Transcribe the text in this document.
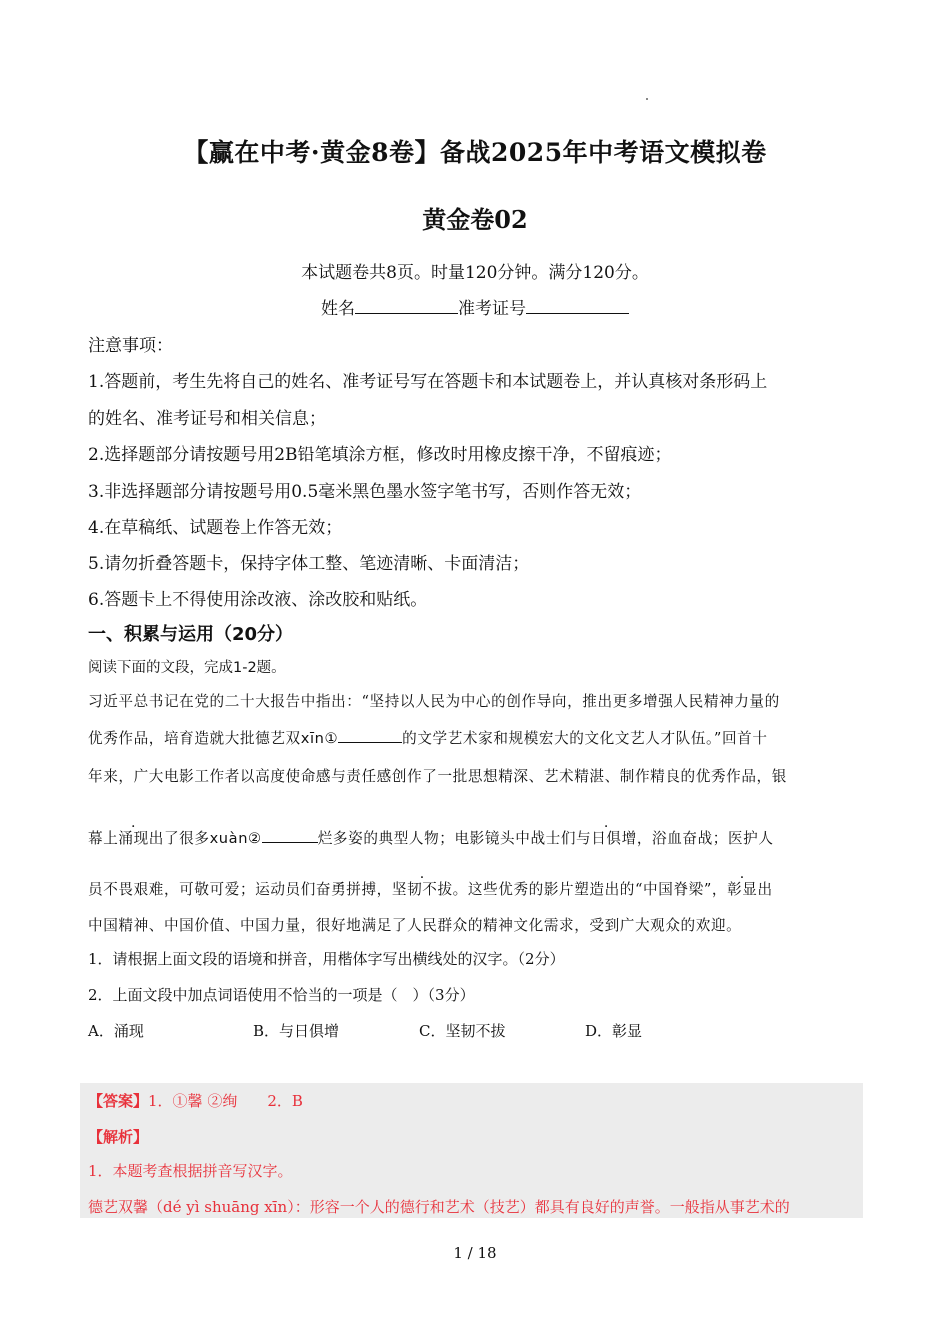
【赢在中考·黄金8卷】备战2025年中考语文模拟卷
黄金卷02
本试题卷共8页。时量120分钟。满分120分。
姓名	准考证号
注意事项：
1.答题前，考生先将自己的姓名、准考证号写在答题卡和本试题卷上，并认真核对条形码上
的姓名、准考证号和相关信息；
2.选择题部分请按题号用2B铅笔填涂方框，修改时用橡皮擦干净，不留痕迹；
3.非选择题部分请按题号用0.5毫米黑色墨水签字笔书写，否则作答无效；
4.在草稿纸、试题卷上作答无效；
5.请勿折叠答题卡，保持字体工整、笔迹清晰、卡面清洁；
6.答题卡上不得使用涂改液、涂改胶和贴纸。
一、积累与运用（20分）
阅读下面的文段，完成1-2题。
习近平总书记在党的二十大报告中指出：“坚持以人民为中心的创作导向，推出更多增强人民精神力量的
优秀作品，培育造就大批德艺双xīn①	的文学艺术家和规模宏大的文化文艺人才队伍。”回首十
年来，广大电影工作者以高度使命感与责任感创作了一批思想精深、艺术精湛、制作精良的优秀作品，银
幕上涌现出了很多xuàn②	烂多姿的典型人物；电影镜头中战士们与日俱增，浴血奋战；医护人
员不畏艰难，可敬可爱；运动员们奋勇拼搏，坚韧不拔。这些优秀的影片塑造出的“中国脊梁”，彰显出
中国精神、中国价值、中国力量，很好地满足了人民群众的精神文化需求，受到广大观众的欢迎。
1．请根据上面文段的语境和拼音，用楷体字写出横线处的汉字。（2分）
2．上面文段中加点词语使用不恰当的一项是（　）（3分）
A．涌现	B．与日俱增	C．坚韧不拔	D．彰显
【答案】1．①馨 ②绚　　2．B
【解析】
1．本题考查根据拼音写汉字。
德艺双馨（dé yì shuāng xīn）：形容一个人的德行和艺术（技艺）都具有良好的声誉。一般指从事艺术的
1 / 18
